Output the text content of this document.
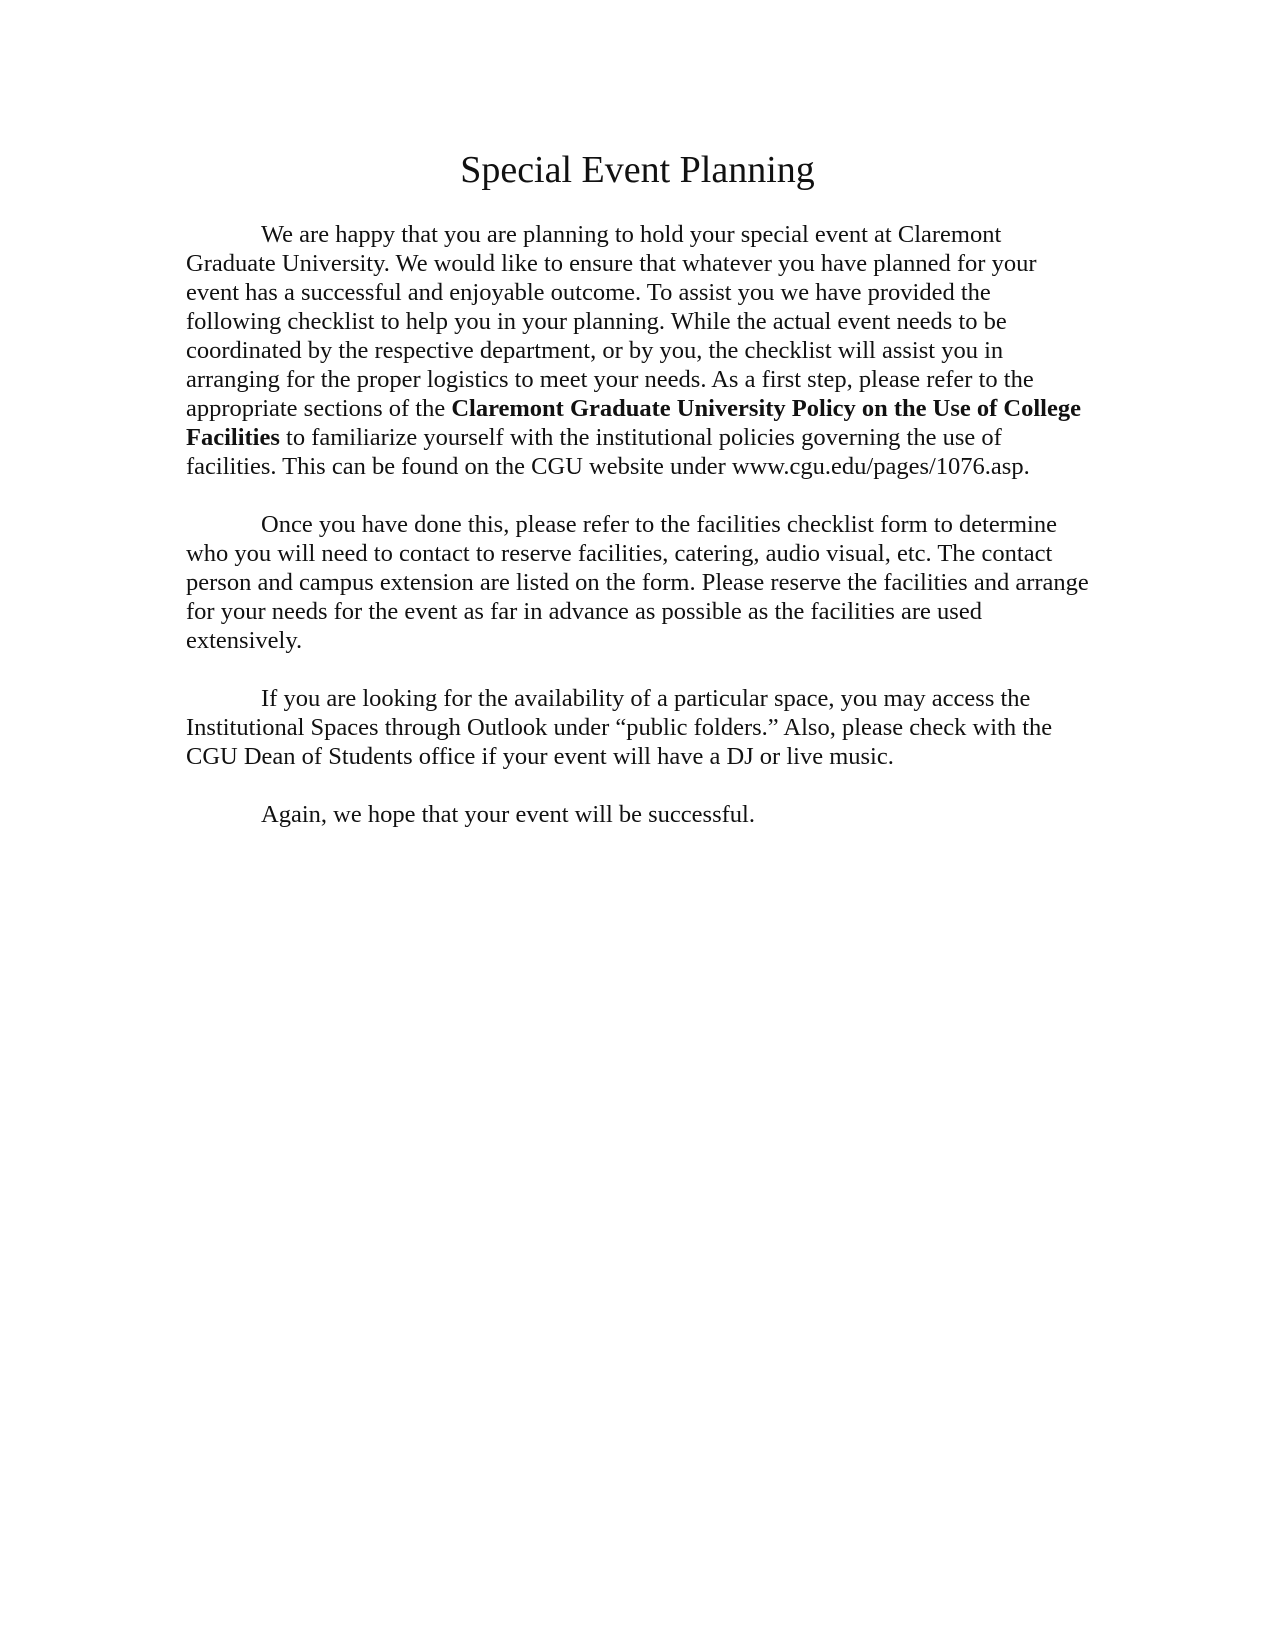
Special Event Planning

We are happy that you are planning to hold your special event at Claremont Graduate University. We would like to ensure that whatever you have planned for your event has a successful and enjoyable outcome. To assist you we have provided the following checklist to help you in your planning. While the actual event needs to be coordinated by the respective department, or by you, the checklist will assist you in arranging for the proper logistics to meet your needs. As a first step, please refer to the appropriate sections of the Claremont Graduate University Policy on the Use of College Facilities to familiarize yourself with the institutional policies governing the use of facilities. This can be found on the CGU website under www.cgu.edu/pages/1076.asp.

Once you have done this, please refer to the facilities checklist form to determine who you will need to contact to reserve facilities, catering, audio visual, etc. The contact person and campus extension are listed on the form. Please reserve the facilities and arrange for your needs for the event as far in advance as possible as the facilities are used extensively.

If you are looking for the availability of a particular space, you may access the Institutional Spaces through Outlook under “public folders.” Also, please check with the CGU Dean of Students office if your event will have a DJ or live music.

Again, we hope that your event will be successful.
